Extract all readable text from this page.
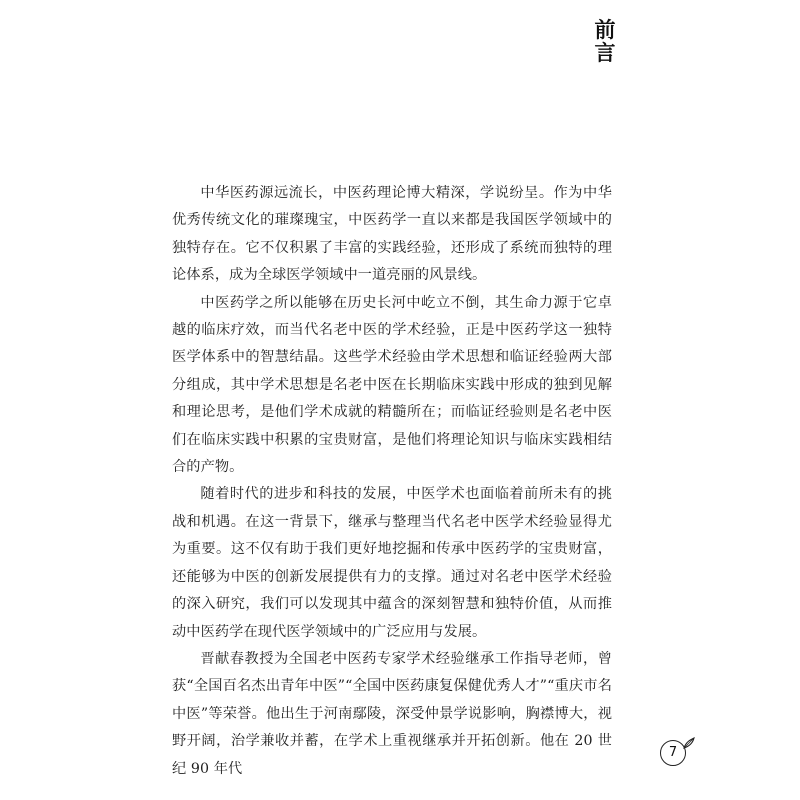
前
言

中华医药源远流长，中医药理论博大精深，学说纷呈。作为中华优秀传统文化的璀璨瑰宝，中医药学一直以来都是我国医学领域中的独特存在。它不仅积累了丰富的实践经验，还形成了系统而独特的理论体系，成为全球医学领域中一道亮丽的风景线。

中医药学之所以能够在历史长河中屹立不倒，其生命力源于它卓越的临床疗效，而当代名老中医的学术经验，正是中医药学这一独特医学体系中的智慧结晶。这些学术经验由学术思想和临证经验两大部分组成，其中学术思想是名老中医在长期临床实践中形成的独到见解和理论思考，是他们学术成就的精髓所在；而临证经验则是名老中医们在临床实践中积累的宝贵财富，是他们将理论知识与临床实践相结合的产物。

随着时代的进步和科技的发展，中医学术也面临着前所未有的挑战和机遇。在这一背景下，继承与整理当代名老中医学术经验显得尤为重要。这不仅有助于我们更好地挖掘和传承中医药学的宝贵财富，还能够为中医的创新发展提供有力的支撑。通过对名老中医学术经验的深入研究，我们可以发现其中蕴含的深刻智慧和独特价值，从而推动中医药学在现代医学领域中的广泛应用与发展。

晋献春教授为全国老中医药专家学术经验继承工作指导老师，曾获“全国百名杰出青年中医”“全国中医药康复保健优秀人才”“重庆市名中医”等荣誉。他出生于河南鄢陵，深受仲景学说影响，胸襟博大，视野开阔，治学兼收并蓄，在学术上重视继承并开拓创新。他在 20 世纪 90 年代

7
